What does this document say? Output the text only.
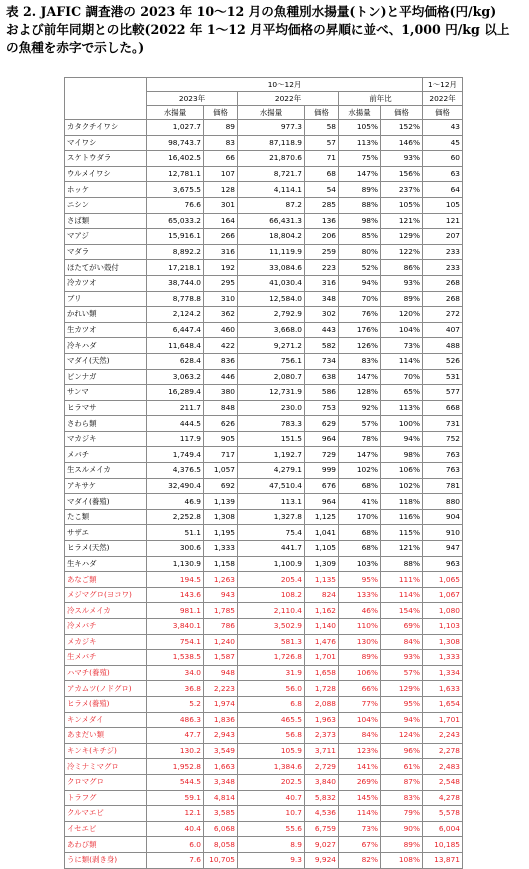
表 2. JAFIC 調査港の 2023 年 10〜12 月の魚種別水揚量(トン)と平均価格(円/kg)
および前年同期との比較(2022 年 1〜12 月平均価格の昇順に並べ、1,000 円/kg 以上
の魚種を赤字で示した。)
	10〜12月						1〜12月
	2023年		2022年		前年比		2022年
	水揚量	価格	水揚量	価格	水揚量	価格	価格
カタクチイワシ	1,027.7	89	977.3	58	105%	152%	43
マイワシ	98,743.7	83	87,118.9	57	113%	146%	45
スケトウダラ	16,402.5	66	21,870.6	71	75%	93%	60
ウルメイワシ	12,781.1	107	8,721.7	68	147%	156%	63
ホッケ	3,675.5	128	4,114.1	54	89%	237%	64
ニシン	76.6	301	87.2	285	88%	105%	105
さば類	65,033.2	164	66,431.3	136	98%	121%	121
マアジ	15,916.1	266	18,804.2	206	85%	129%	207
マダラ	8,892.2	316	11,119.9	259	80%	122%	233
ほたてがい殻付	17,218.1	192	33,084.6	223	52%	86%	233
冷カツオ	38,744.0	295	41,030.4	316	94%	93%	268
ブリ	8,778.8	310	12,584.0	348	70%	89%	268
かれい類	2,124.2	362	2,792.9	302	76%	120%	272
生カツオ	6,447.4	460	3,668.0	443	176%	104%	407
冷キハダ	11,648.4	422	9,271.2	582	126%	73%	488
マダイ(天然)	628.4	836	756.1	734	83%	114%	526
ビンナガ	3,063.2	446	2,080.7	638	147%	70%	531
サンマ	16,289.4	380	12,731.9	586	128%	65%	577
ヒラマサ	211.7	848	230.0	753	92%	113%	668
さわら類	444.5	626	783.3	629	57%	100%	731
マカジキ	117.9	905	151.5	964	78%	94%	752
メバチ	1,749.4	717	1,192.7	729	147%	98%	763
生スルメイカ	4,376.5	1,057	4,279.1	999	102%	106%	763
アキサケ	32,490.4	692	47,510.4	676	68%	102%	781
マダイ(養殖)	46.9	1,139	113.1	964	41%	118%	880
たこ類	2,252.8	1,308	1,327.8	1,125	170%	116%	904
サザエ	51.1	1,195	75.4	1,041	68%	115%	910
ヒラメ(天然)	300.6	1,333	441.7	1,105	68%	121%	947
生キハダ	1,130.9	1,158	1,100.9	1,309	103%	88%	963
あなご類	194.5	1,263	205.4	1,135	95%	111%	1,065
メジマグロ(ヨコワ)	143.6	943	108.2	824	133%	114%	1,067
冷スルメイカ	981.1	1,785	2,110.4	1,162	46%	154%	1,080
冷メバチ	3,840.1	786	3,502.9	1,140	110%	69%	1,103
メカジキ	754.1	1,240	581.3	1,476	130%	84%	1,308
生メバチ	1,538.5	1,587	1,726.8	1,701	89%	93%	1,333
ハマチ(養殖)	34.0	948	31.9	1,658	106%	57%	1,334
アカムツ(ノドグロ)	36.8	2,223	56.0	1,728	66%	129%	1,633
ヒラメ(養殖)	5.2	1,974	6.8	2,088	77%	95%	1,654
キンメダイ	486.3	1,836	465.5	1,963	104%	94%	1,701
あまだい類	47.7	2,943	56.8	2,373	84%	124%	2,243
キンキ(キチジ)	130.2	3,549	105.9	3,711	123%	96%	2,278
冷ミナミマグロ	1,952.8	1,663	1,384.6	2,729	141%	61%	2,483
クロマグロ	544.5	3,348	202.5	3,840	269%	87%	2,548
トラフグ	59.1	4,814	40.7	5,832	145%	83%	4,278
クルマエビ	12.1	3,585	10.7	4,536	114%	79%	5,578
イセエビ	40.4	6,068	55.6	6,759	73%	90%	6,004
あわび類	6.0	8,058	8.9	9,027	67%	89%	10,185
うに類(剥き身)	7.6	10,705	9.3	9,924	82%	108%	13,871
